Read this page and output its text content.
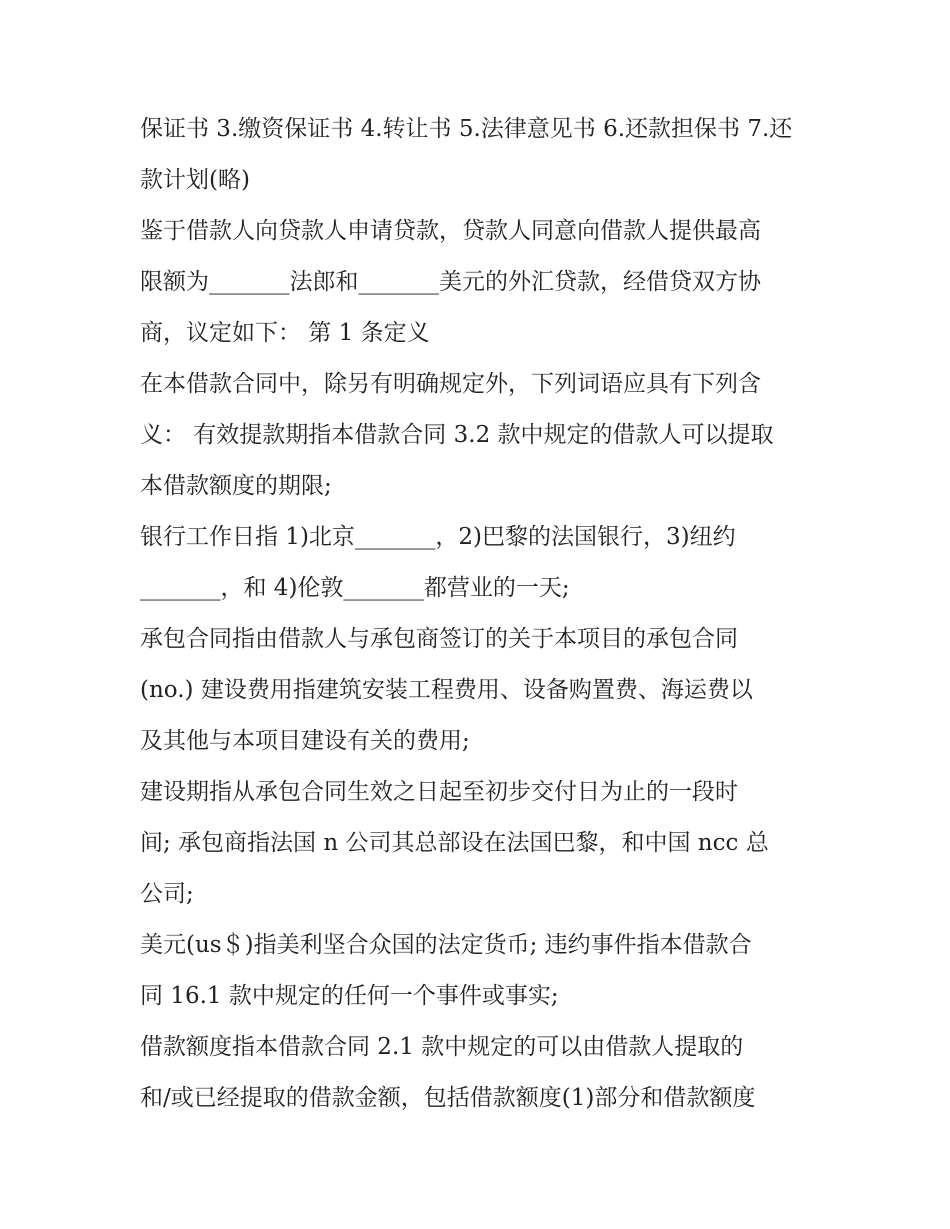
保证书 3.缴资保证书 4.转让书 5.法律意见书 6.还款担保书 7.还
款计划(略)
鉴于借款人向贷款人申请贷款，贷款人同意向借款人提供最高
限额为_______法郎和_______美元的外汇贷款，经借贷双方协
商，议定如下： 第 1 条定义
在本借款合同中，除另有明确规定外，下列词语应具有下列含
义： 有效提款期指本借款合同 3.2 款中规定的借款人可以提取
本借款额度的期限;
银行工作日指 1)北京_______，2)巴黎的法国银行，3)纽约
_______，和 4)伦敦_______都营业的一天;
承包合同指由借款人与承包商签订的关于本项目的承包合同
(no.) 建设费用指建筑安装工程费用、设备购置费、海运费以
及其他与本项目建设有关的费用;
建设期指从承包合同生效之日起至初步交付日为止的一段时
间; 承包商指法国 n 公司其总部设在法国巴黎，和中国 ncc 总
公司;
美元(us＄)指美利坚合众国的法定货币; 违约事件指本借款合
同 16.1 款中规定的任何一个事件或事实;
借款额度指本借款合同 2.1 款中规定的可以由借款人提取的
和/或已经提取的借款金额，包括借款额度(1)部分和借款额度
